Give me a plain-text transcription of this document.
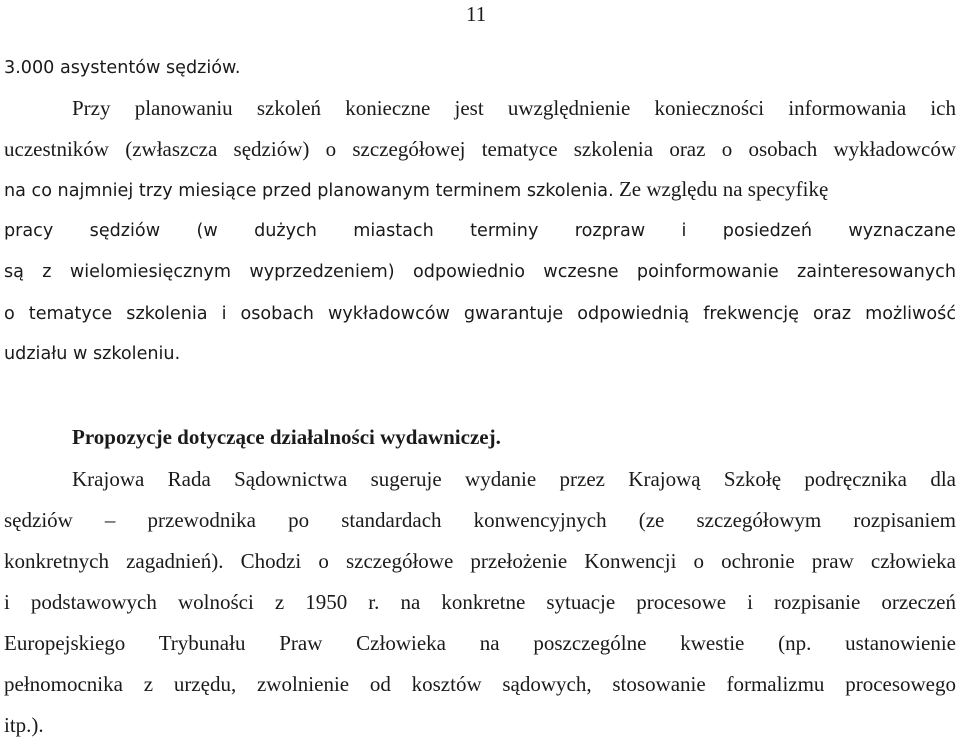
11
3.000 asystentów sędziów.
Przy planowaniu szkoleń konieczne jest uwzględnienie konieczności informowania ich
uczestników (zwłaszcza sędziów) o szczegółowej tematyce szkolenia oraz o osobach wykładowców
na co najmniej trzy miesiące przed planowanym terminem szkolenia. Ze względu na specyfikę
pracy sędziów (w dużych miastach terminy rozpraw i posiedzeń wyznaczane
są z wielomiesięcznym wyprzedzeniem) odpowiednio wczesne poinformowanie zainteresowanych
o tematyce szkolenia i osobach wykładowców gwarantuje odpowiednią frekwencję oraz możliwość
udziału w szkoleniu.
Propozycje dotyczące działalności wydawniczej.
Krajowa Rada Sądownictwa sugeruje wydanie przez Krajową Szkołę podręcznika dla
sędziów – przewodnika po standardach konwencyjnych (ze szczegółowym rozpisaniem
konkretnych zagadnień). Chodzi o szczegółowe przełożenie Konwencji o ochronie praw człowieka
i podstawowych wolności z 1950 r. na konkretne sytuacje procesowe i rozpisanie orzeczeń
Europejskiego Trybunału Praw Człowieka na poszczególne kwestie (np. ustanowienie
pełnomocnika z urzędu, zwolnienie od kosztów sądowych, stosowanie formalizmu procesowego
itp.).
